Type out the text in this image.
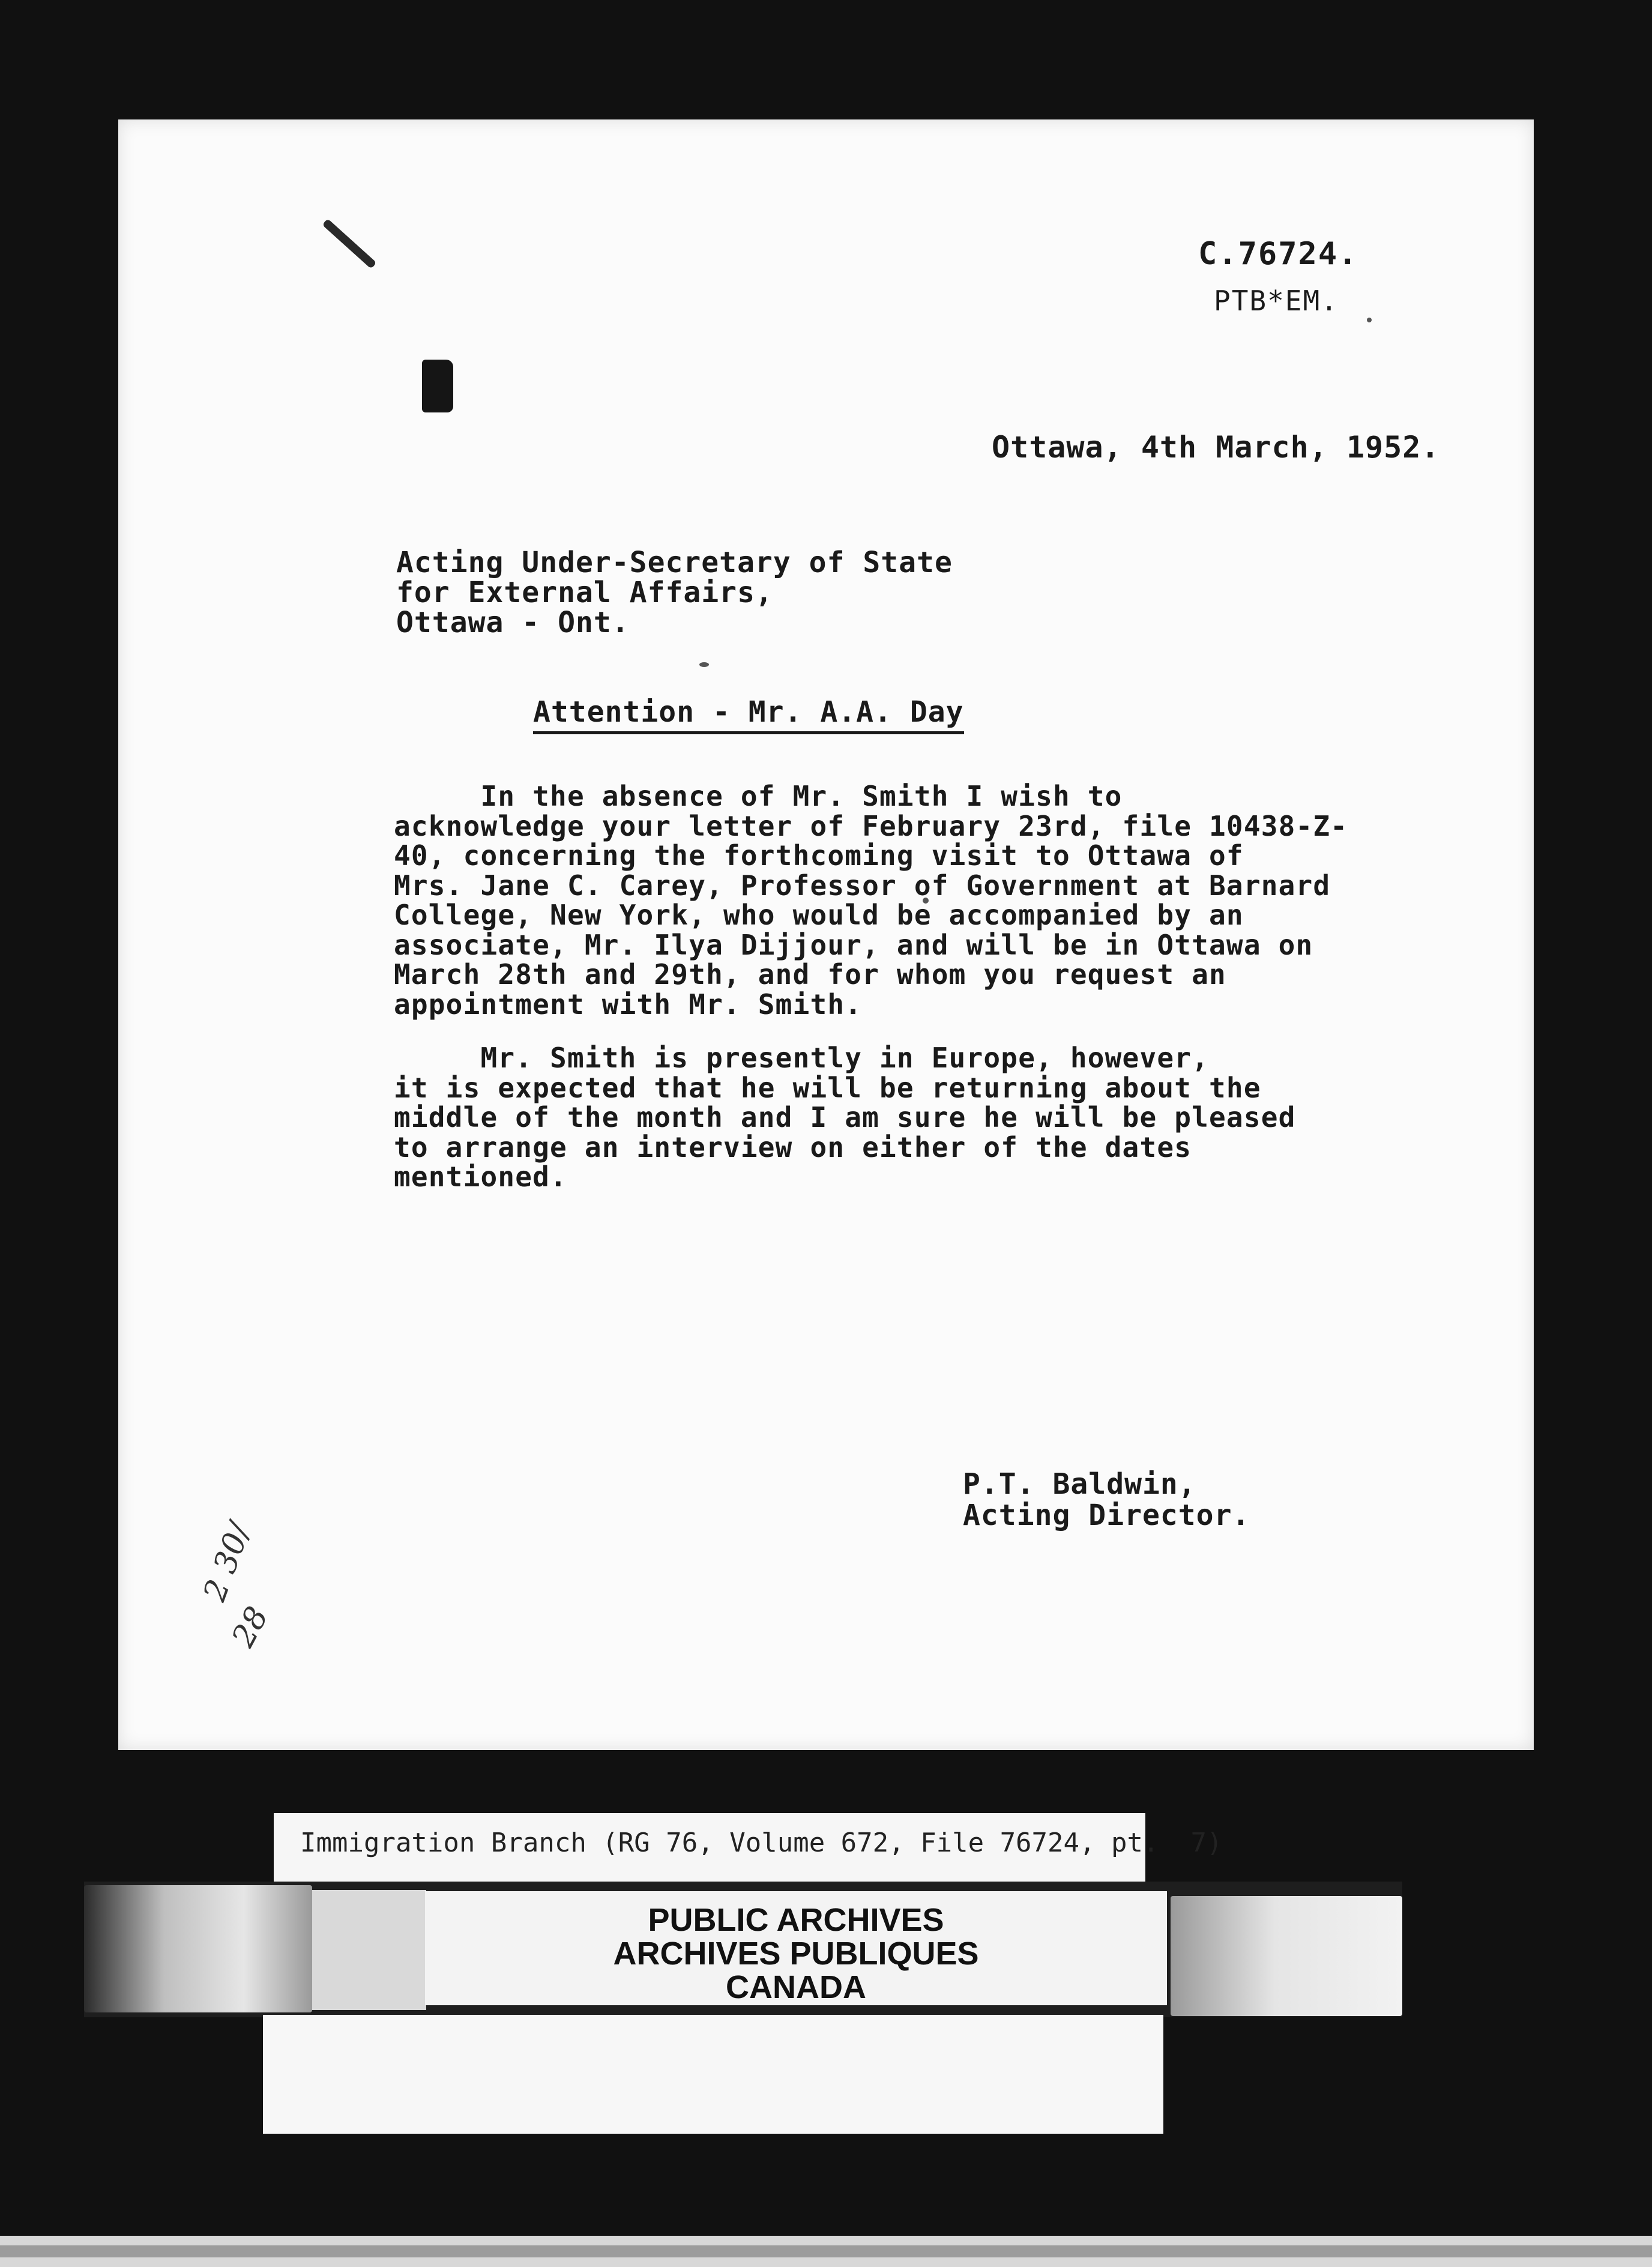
C.76724.
PTB*EM.
Ottawa, 4th March, 1952.
Acting Under-Secretary of State
for External Affairs,
Ottawa - Ont.
Attention - Mr. A.A. Day
In the absence of Mr. Smith I wish to
acknowledge your letter of February 23rd, file 10438-Z-
40, concerning the forthcoming visit to Ottawa of
Mrs. Jane C. Carey, Professor of Government at Barnard
College, New York, who would be accompanied by an
associate, Mr. Ilya Dijjour, and will be in Ottawa on
March 28th and 29th, and for whom you request an
appointment with Mr. Smith.
Mr. Smith is presently in Europe, however,
it is expected that he will be returning about the
middle of the month and I am sure he will be pleased
to arrange an interview on either of the dates
mentioned.
P.T. Baldwin,
Acting Director.
2 30/
28
Immigration Branch (RG 76, Volume 672, File 76724, pt.  7)
PUBLIC ARCHIVES
ARCHIVES PUBLIQUES
CANADA
